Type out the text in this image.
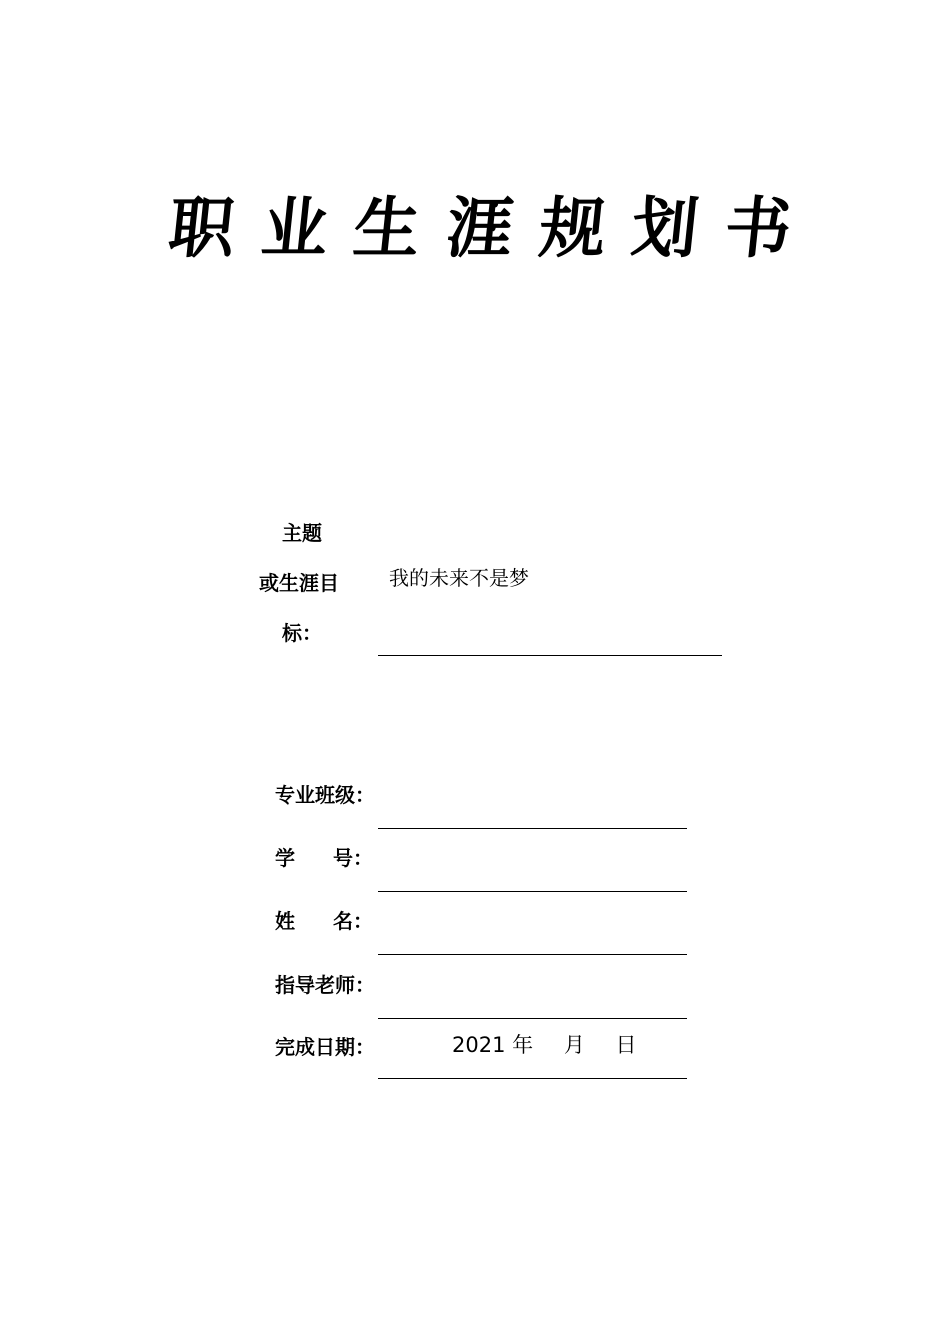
职 业 生 涯 规 划 书
主题
或生涯目
标：
我的未来不是梦
专业班级：
学 号：
姓 名：
指导老师：
完成日期：	2021 年 月 日
